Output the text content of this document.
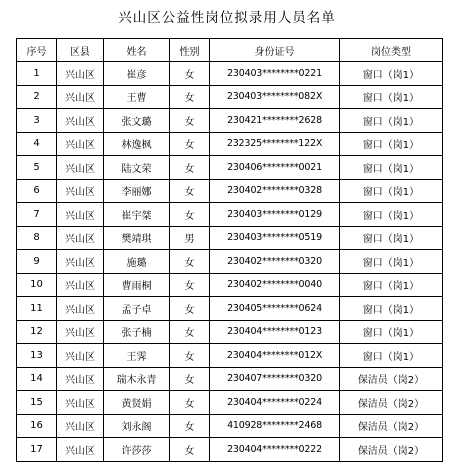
兴山区公益性岗位拟录用人员名单
序号	区县	姓名	性别	身份证号	岗位类型
1	兴山区	崔彦	女	230403********0221	窗口（岗1）
2	兴山区	王曹	女	230403********082X	窗口（岗1）
3	兴山区	张文璐	女	230421********2628	窗口（岗1）
4	兴山区	林逸枫	女	232325********122X	窗口（岗1）
5	兴山区	陆文荣	女	230406********0021	窗口（岗1）
6	兴山区	李丽娜	女	230402********0328	窗口（岗1）
7	兴山区	崔宇桀	女	230403********0129	窗口（岗1）
8	兴山区	樊靖琪	男	230403********0519	窗口（岗1）
9	兴山区	施璐	女	230402********0320	窗口（岗1）
10	兴山区	曹雨桐	女	230402********0040	窗口（岗1）
11	兴山区	孟子卓	女	230405********0624	窗口（岗1）
12	兴山区	张子楠	女	230404********0123	窗口（岗1）
13	兴山区	王霁	女	230404********012X	窗口（岗1）
14	兴山区	瑞木永青	女	230407********0320	保洁员（岗2）
15	兴山区	黄贤娟	女	230404********0224	保洁员（岗2）
16	兴山区	刘永阁	女	410928********2468	保洁员（岗2）
17	兴山区	许莎莎	女	230404********0222	保洁员（岗2）
